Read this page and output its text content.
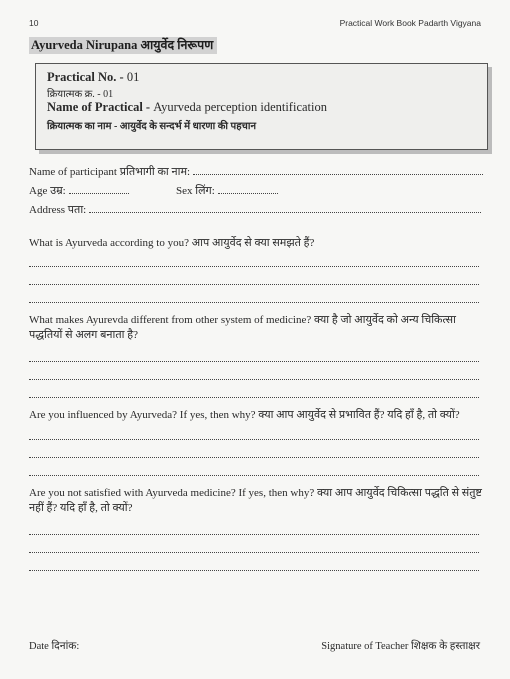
10	Practical Work Book Padarth Vigyana
Ayurveda Nirupana आयुर्वेद निरूपण
Practical No. - 01
क्रियात्मक क्र. - 01
Name of Practical - Ayurveda perception identification
क्रियात्मक का नाम - आयुर्वेद के सन्दर्भ में धारणा की पहचान
Name of participant प्रतिभागी का नाम:
Age उम्र:	Sex लिंग:
Address पता:
What is Ayurveda according to you? आप आयुर्वेद से क्या समझते हैं?
What makes Ayurevda different from other system of medicine? क्या है जो आयुर्वेद को अन्य चिकित्सा पद्धतियों से अलग बनाता है?
Are you influenced by Ayurveda? If yes, then why? क्या आप आयुर्वेद से प्रभावित हैं? यदि हाँ है, तो क्यों?
Are you not satisfied with Ayurveda medicine? If yes, then why? क्या आप आयुर्वेद चिकित्सा पद्धति से संतुष्ट नहीं हैं? यदि हाँ है, तो क्यों?
Date दिनांक:	Signature of Teacher शिक्षक के हस्ताक्षर
